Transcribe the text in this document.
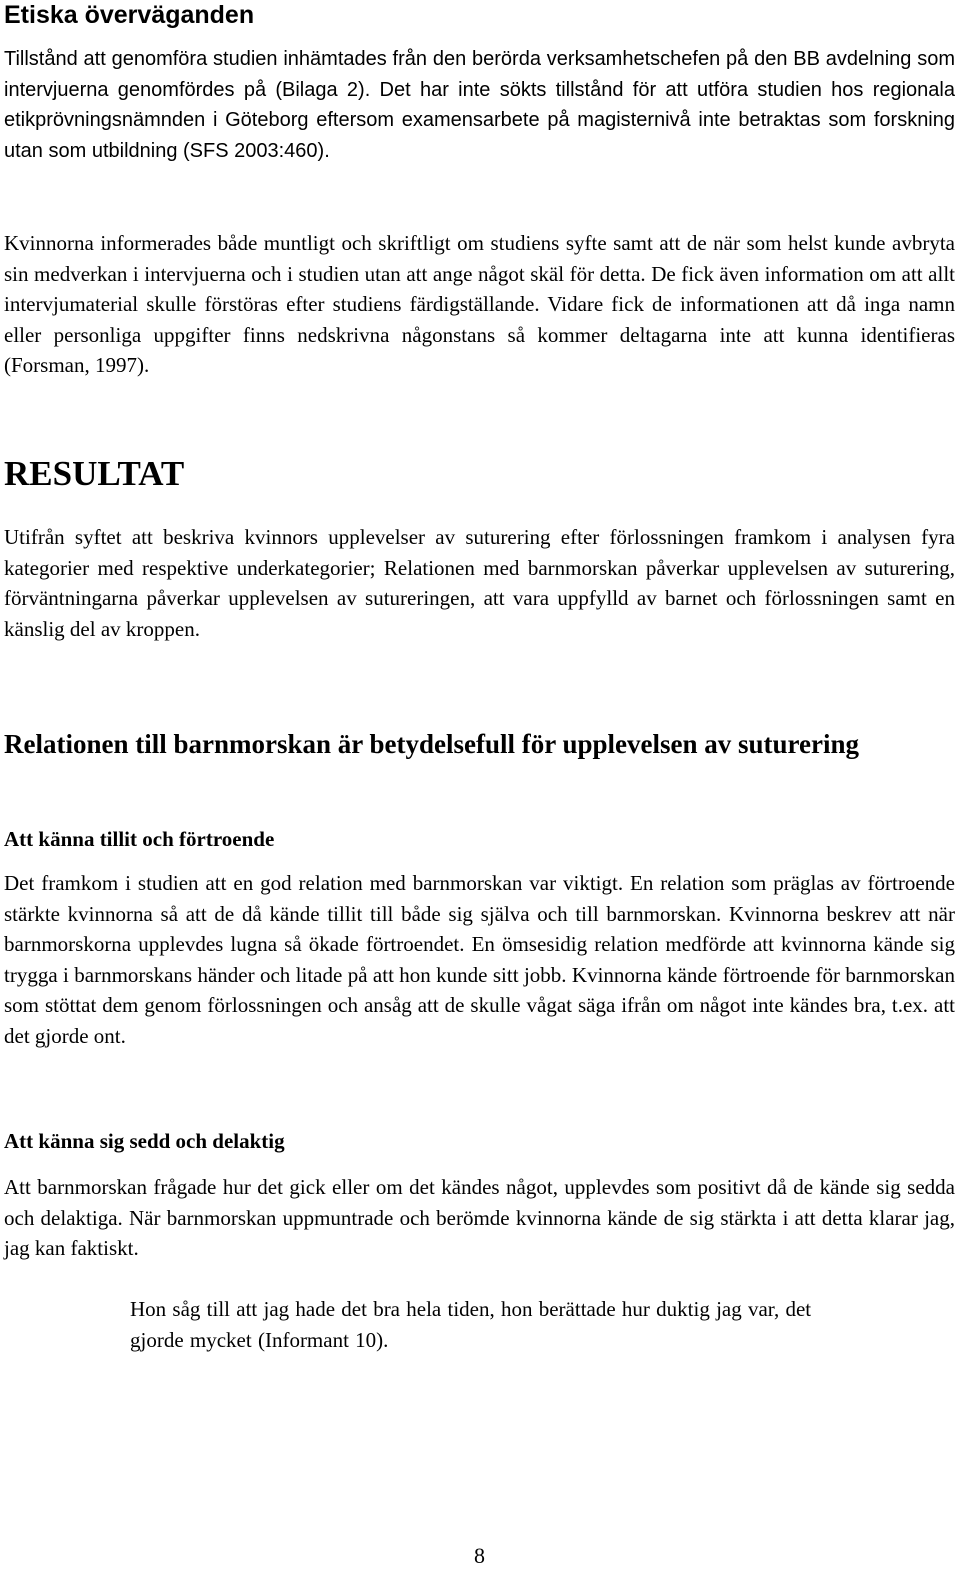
Etiska överväganden

Tillstånd att genomföra studien inhämtades från den berörda verksamhetschefen på den BB avdelning som intervjuerna genomfördes på (Bilaga 2). Det har inte sökts tillstånd för att utföra studien hos regionala etikprövningsnämnden i Göteborg eftersom examensarbete på magisternivå inte betraktas som forskning utan som utbildning (SFS 2003:460).

Kvinnorna informerades både muntligt och skriftligt om studiens syfte samt att de när som helst kunde avbryta sin medverkan i intervjuerna och i studien utan att ange något skäl för detta. De fick även information om att allt intervjumaterial skulle förstöras efter studiens färdigställande. Vidare fick de informationen att då inga namn eller personliga uppgifter finns nedskrivna någonstans så kommer deltagarna inte att kunna identifieras (Forsman, 1997).

RESULTAT

Utifrån syftet att beskriva kvinnors upplevelser av suturering efter förlossningen framkom i analysen fyra kategorier med respektive underkategorier; Relationen med barnmorskan påverkar upplevelsen av suturering, förväntningarna påverkar upplevelsen av sutureringen, att vara uppfylld av barnet och förlossningen samt en känslig del av kroppen.

Relationen till barnmorskan är betydelsefull för upplevelsen av suturering
Att känna tillit och förtroende

Det framkom i studien att en god relation med barnmorskan var viktigt. En relation som präglas av förtroende stärkte kvinnorna så att de då kände tillit till både sig själva och till barnmorskan. Kvinnorna beskrev att när barnmorskorna upplevdes lugna så ökade förtroendet. En ömsesidig relation medförde att kvinnorna kände sig trygga i barnmorskans händer och litade på att hon kunde sitt jobb. Kvinnorna kände förtroende för barnmorskan som stöttat dem genom förlossningen och ansåg att de skulle vågat säga ifrån om något inte kändes bra, t.ex. att det gjorde ont.

Att känna sig sedd och delaktig

Att barnmorskan frågade hur det gick eller om det kändes något, upplevdes som positivt då de kände sig sedda och delaktiga. När barnmorskan uppmuntrade och berömde kvinnorna kände de sig stärkta i att detta klarar jag, jag kan faktiskt.

Hon såg till att jag hade det bra hela tiden, hon berättade hur duktig jag var, det gjorde mycket (Informant 10).
8
